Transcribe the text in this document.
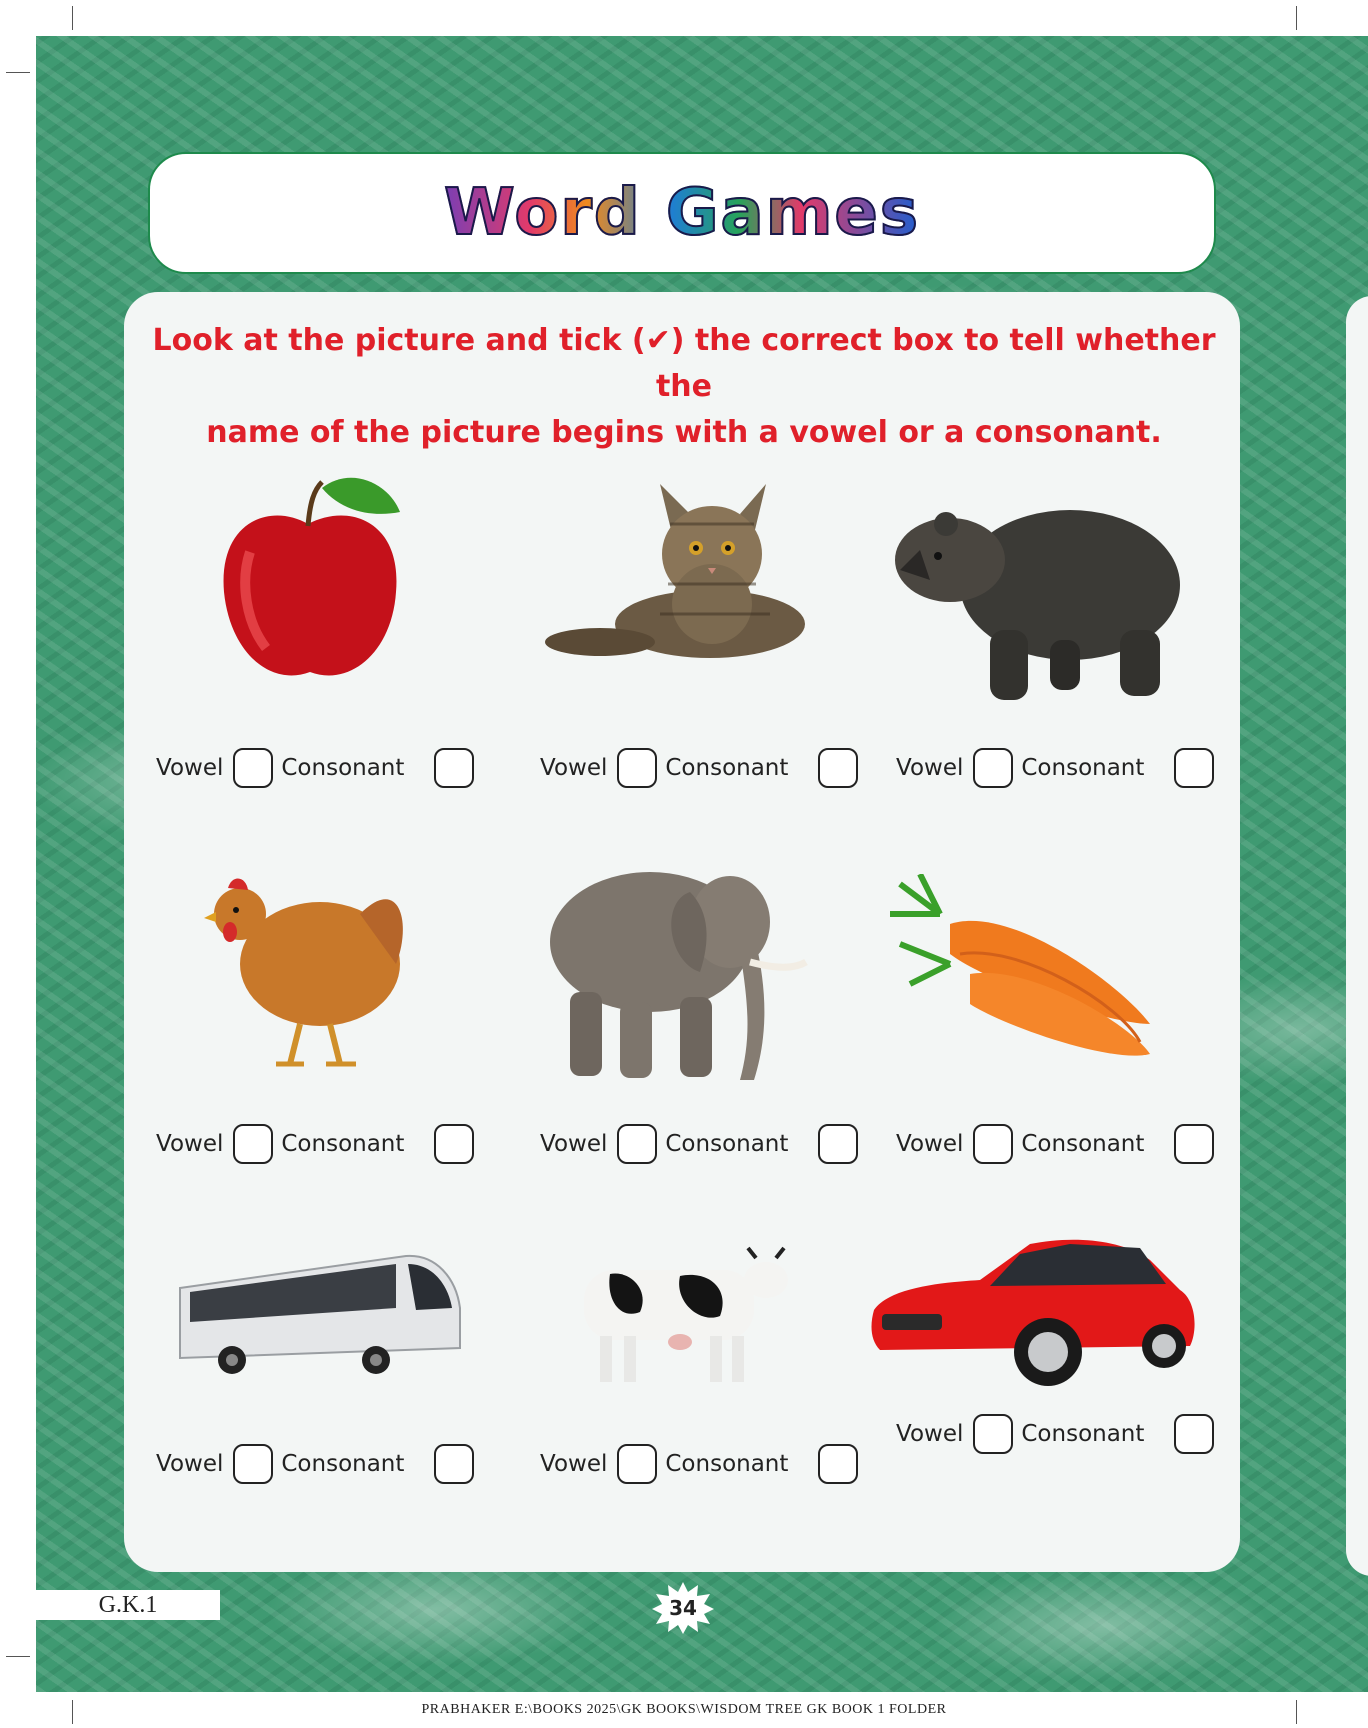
Word Games
Look at the picture and tick (✔) the correct box to tell whether the
name of the picture begins with a vowel or a consonant.
Vowel	Consonant	Vowel	Consonant	Vowel	Consonant
Vowel	Consonant	Vowel	Consonant	Vowel	Consonant
Vowel	Consonant	Vowel	Consonant
Vowel	Consonant
G.K.1	34
PRABHAKER E:\BOOKS 2025\GK BOOKS\WISDOM TREE GK BOOK 1 FOLDER
